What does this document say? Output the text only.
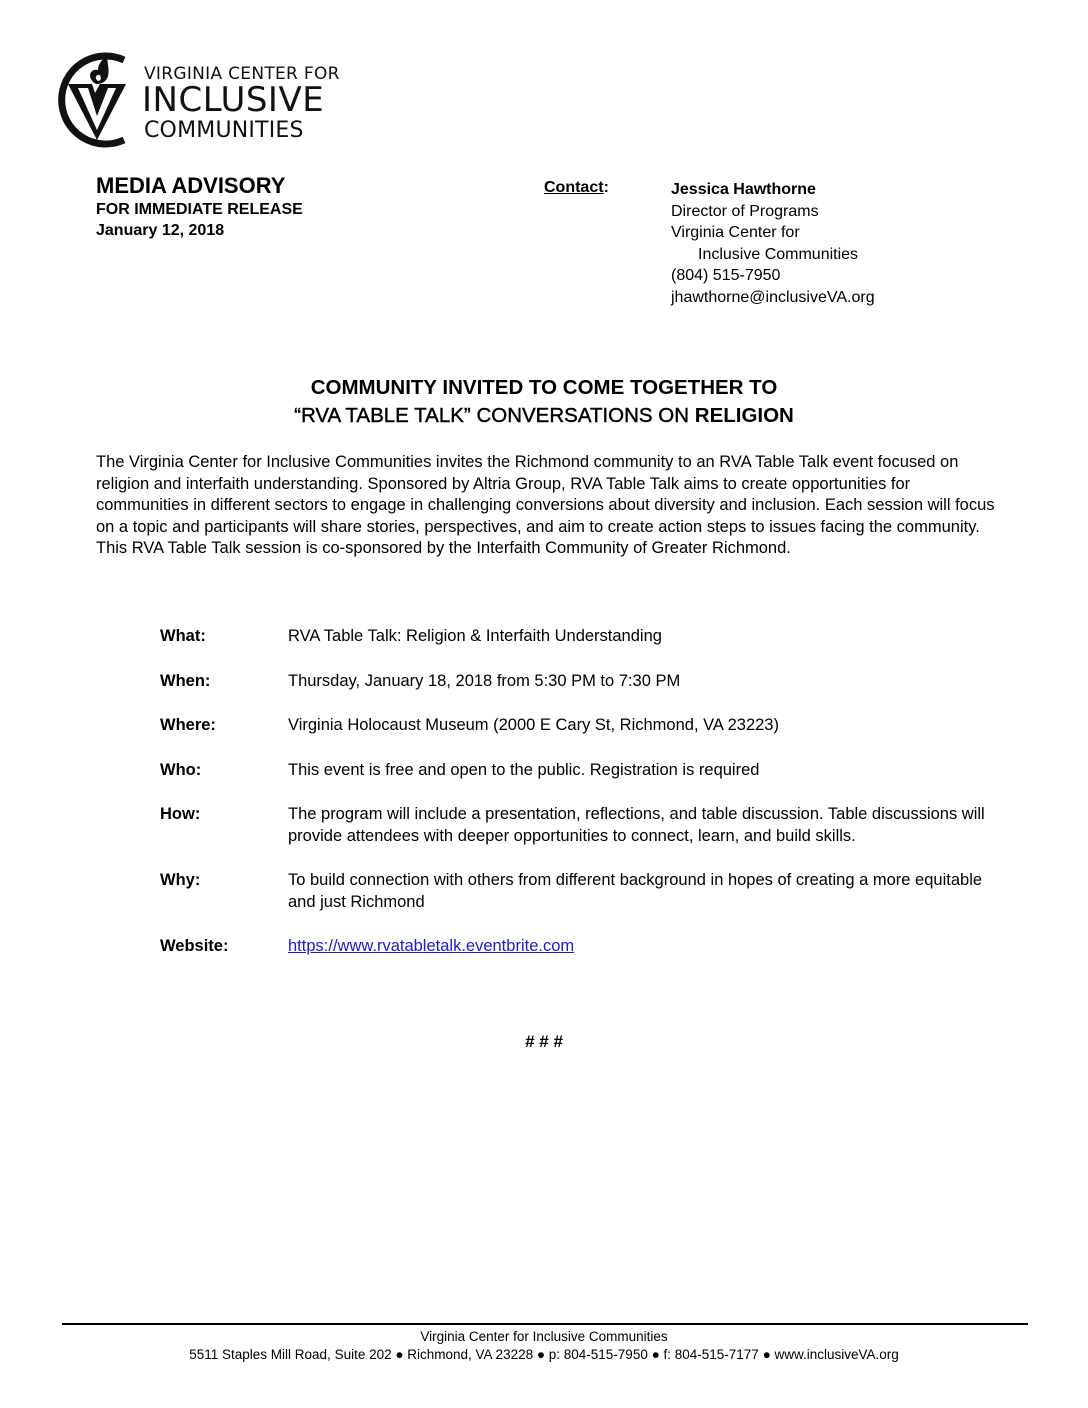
VIRGINIA CENTER FOR
INCLUSIVE
COMMUNITIES
MEDIA ADVISORY
FOR IMMEDIATE RELEASE
January 12, 2018
Contact:	Jessica Hawthorne
Director of Programs
Virginia Center for
Inclusive Communities
(804) 515-7950
jhawthorne@inclusiveVA.org
COMMUNITY INVITED TO COME TOGETHER TO
“RVA TABLE TALK” CONVERSATIONS ON RELIGION
The Virginia Center for Inclusive Communities invites the Richmond community to an RVA Table Talk event focused on religion and interfaith understanding. Sponsored by Altria Group, RVA Table Talk aims to create opportunities for communities in different sectors to engage in challenging conversions about diversity and inclusion. Each session will focus on a topic and participants will share stories, perspectives, and aim to create action steps to issues facing the community. This RVA Table Talk session is co-sponsored by the Interfaith Community of Greater Richmond.
What:	RVA Table Talk: Religion & Interfaith Understanding
When:	Thursday, January 18, 2018 from 5:30 PM to 7:30 PM
Where:	Virginia Holocaust Museum (2000 E Cary St, Richmond, VA 23223)
Who:	This event is free and open to the public. Registration is required
How:	The program will include a presentation, reflections, and table discussion. Table discussions will provide attendees with deeper opportunities to connect, learn, and build skills.
Why:	To build connection with others from different background in hopes of creating a more equitable and just Richmond
Website:	https://www.rvatabletalk.eventbrite.com
# # #
Virginia Center for Inclusive Communities
5511 Staples Mill Road, Suite 202 ● Richmond, VA 23228 ● p: 804-515-7950 ● f: 804-515-7177 ● www.inclusiveVA.org
